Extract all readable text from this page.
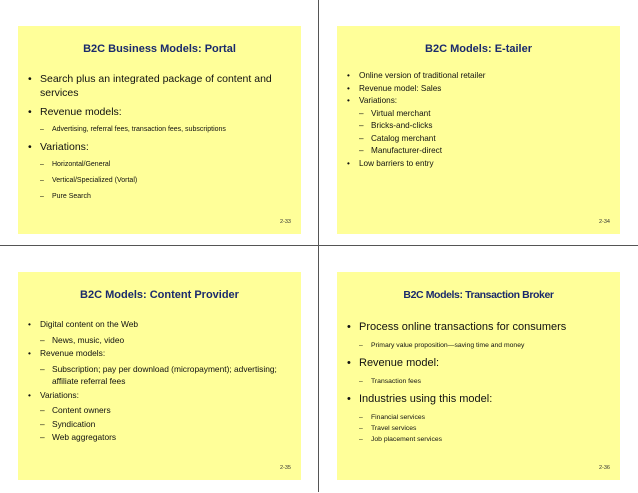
B2C Business Models: Portal
• Search plus an integrated package of content and services
• Revenue models:
– Advertising, referral fees, transaction fees, subscriptions
• Variations:
– Horizontal/General
– Vertical/Specialized (Vortal)
– Pure Search
2-33
B2C Models: E-tailer
• Online version of traditional retailer
• Revenue model: Sales
• Variations:
– Virtual merchant
– Bricks-and-clicks
– Catalog merchant
– Manufacturer-direct
• Low barriers to entry
2-34
B2C Models: Content Provider
• Digital content on the Web
– News, music, video
• Revenue models:
– Subscription; pay per download (micropayment); advertising; affiliate referral fees
• Variations:
– Content owners
– Syndication
– Web aggregators
2-35
B2C Models: Transaction Broker
• Process online transactions for consumers
– Primary value proposition—saving time and money
• Revenue model:
– Transaction fees
• Industries using this model:
– Financial services
– Travel services
– Job placement services
2-36
